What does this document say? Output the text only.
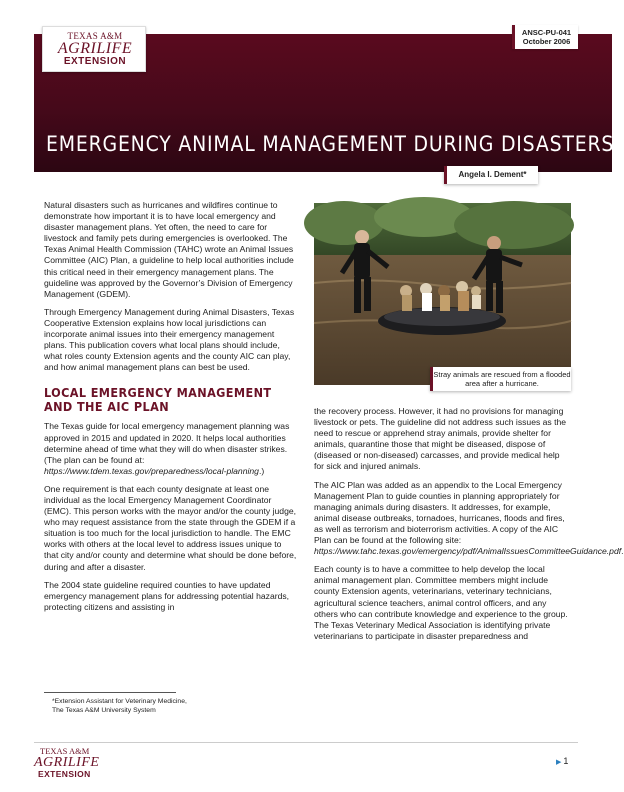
TEXAS A&M
AGRILIFE
EXTENSION
ANSC-PU-041
October 2006
EMERGENCY ANIMAL MANAGEMENT DURING DISASTERS
Angela I. Dement*

Natural disasters such as hurricanes and wildfires continue to demonstrate how important it is to have local emergency and disaster management plans. Yet often, the need to care for livestock and family pets during emergencies is overlooked. The Texas Animal Health Commission (TAHC) wrote an Animal Issues Committee (AIC) Plan, a guideline to help local authorities include this critical need in their emergency management plans. The guideline was approved by the Governor’s Division of Emergency Management (GDEM).

Through Emergency Management during Animal Disasters, Texas Cooperative Extension explains how local jurisdictions can incorporate animal issues into their emergency management plans. This publication covers what local plans should include, what roles county Extension agents and the county AIC can play, and how animal management plans can best be used.

LOCAL EMERGENCY MANAGEMENT AND THE AIC PLAN

The Texas guide for local emergency management planning was approved in 2015 and updated in 2020. It helps local authorities determine ahead of time what they will do when disaster strikes. (The plan can be found at: https://www.tdem.texas.gov/preparedness/local-planning.)

One requirement is that each county designate at least one individual as the local Emergency Management Coordinator (EMC). This person works with the mayor and/or the county judge, who may request assistance from the state through the GDEM if a situation is too much for the local jurisdiction to handle. The EMC works with others at the local level to address issues unique to that city and/or county and determine what should be done before, during and after a disaster.

The 2004 state guideline required counties to have updated emergency management plans for addressing potential hazards, protecting citizens and assisting in

Stray animals are rescued from a flooded area after a hurricane.

the recovery process. However, it had no provisions for managing livestock or pets. The guideline did not address such issues as the need to rescue or apprehend stray animals, provide shelter for animals, quarantine those that might be diseased, dispose of (diseased or non-diseased) carcasses, and provide medical help for sick and injured animals.

The AIC Plan was added as an appendix to the Local Emergency Management Plan to guide counties in planning appropriately for managing animals during disasters. It addresses, for example, animal disease outbreaks, tornadoes, hurricanes, floods and fires, as well as terrorism and bioterrorism activities. A copy of the AIC Plan can be found at the following site: https://www.tahc.texas.gov/emergency/pdf/AnimalIssuesCommitteeGuidance.pdf.

Each county is to have a committee to help develop the local animal management plan. Committee members might include county Extension agents, veterinarians, veterinary technicians, agricultural science teachers, animal control officers, and any others who can contribute knowledge and experience to the group. The Texas Veterinary Medical Association is identifying private veterinarians to participate in disaster preparedness and

*Extension Assistant for Veterinary Medicine,
The Texas A&M University System
TEXAS A&M
AGRILIFE
EXTENSION
▶ 1
